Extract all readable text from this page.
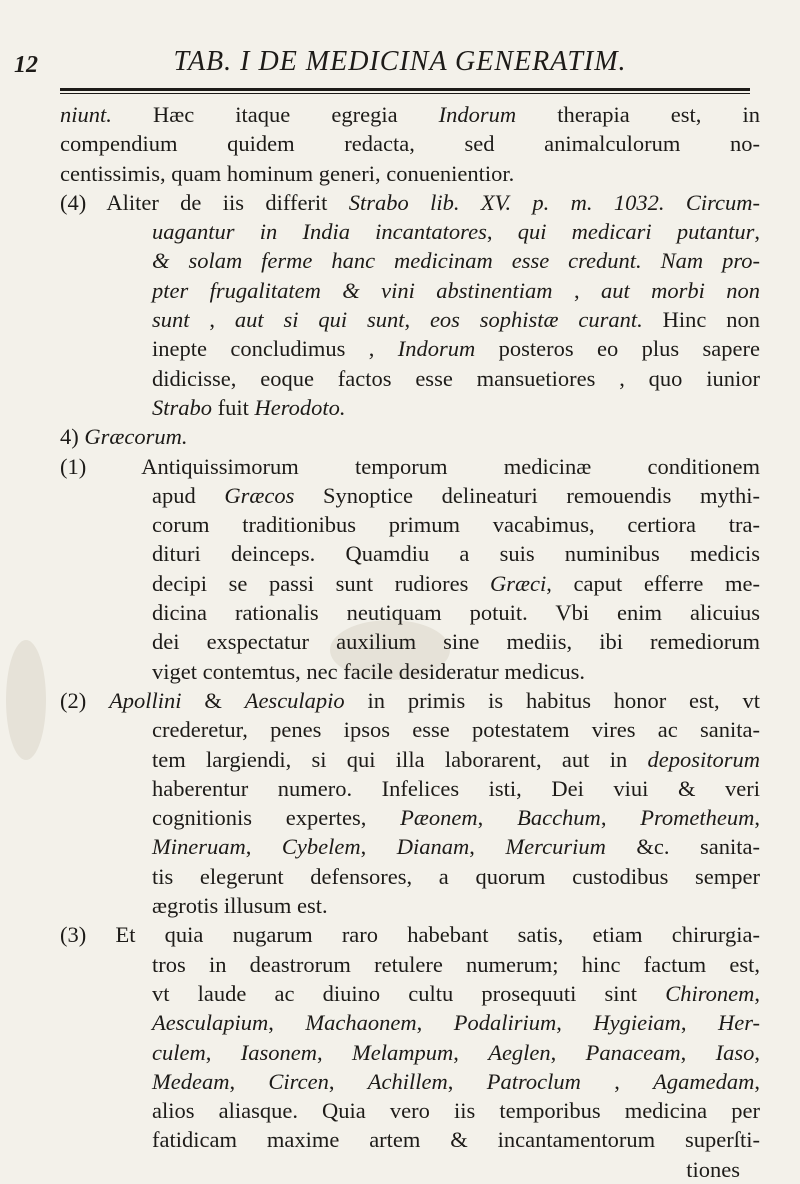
12	TAB. I DE MEDICINA GENERATIM.
niunt. Hæc itaque egregia Indorum therapia est, in
compendium quidem redacta, sed animalculorum no-
centissimis, quam hominum generi, conuenientior.
(4) Aliter de iis differit Strabo lib. XV. p. m. 1032. Circum-
uagantur in India incantatores, qui medicari putantur,
& solam ferme hanc medicinam esse credunt. Nam pro-
pter frugalitatem & vini abstinentiam , aut morbi non
sunt , aut si qui sunt, eos sophistæ curant. Hinc non
inepte concludimus , Indorum posteros eo plus sapere
didicisse, eoque factos esse mansuetiores , quo iunior
Strabo fuit Herodoto.
4) Græcorum.
(1) Antiquissimorum temporum medicinæ conditionem
apud Græcos Synoptice delineaturi remouendis mythi-
corum traditionibus primum vacabimus, certiora tra-
dituri deinceps. Quamdiu a suis numinibus medicis
decipi se passi sunt rudiores Græci, caput efferre me-
dicina rationalis neutiquam potuit. Vbi enim alicuius
dei exspectatur auxilium sine mediis, ibi remediorum
viget contemtus, nec facile desideratur medicus.
(2) Apollini & Aesculapio in primis is habitus honor est, vt
crederetur, penes ipsos esse potestatem vires ac sanita-
tem largiendi, si qui illa laborarent, aut in depositorum
haberentur numero. Infelices isti, Dei viui & veri
cognitionis expertes, Pæonem, Bacchum, Prometheum,
Mineruam, Cybelem, Dianam, Mercurium &c. sanita-
tis elegerunt defensores, a quorum custodibus semper
ægrotis illusum est.
(3) Et quia nugarum raro habebant satis, etiam chirurgia-
tros in deastrorum retulere numerum; hinc factum est,
vt laude ac diuino cultu prosequuti sint Chironem,
Aesculapium, Machaonem, Podalirium, Hygieiam, Her-
culem, Iasonem, Melampum, Aeglen, Panaceam, Iaso,
Medeam, Circen, Achillem, Patroclum , Agamedam,
alios aliasque. Quia vero iis temporibus medicina per
fatidicam maxime artem & incantamentorum superſti-
tiones
